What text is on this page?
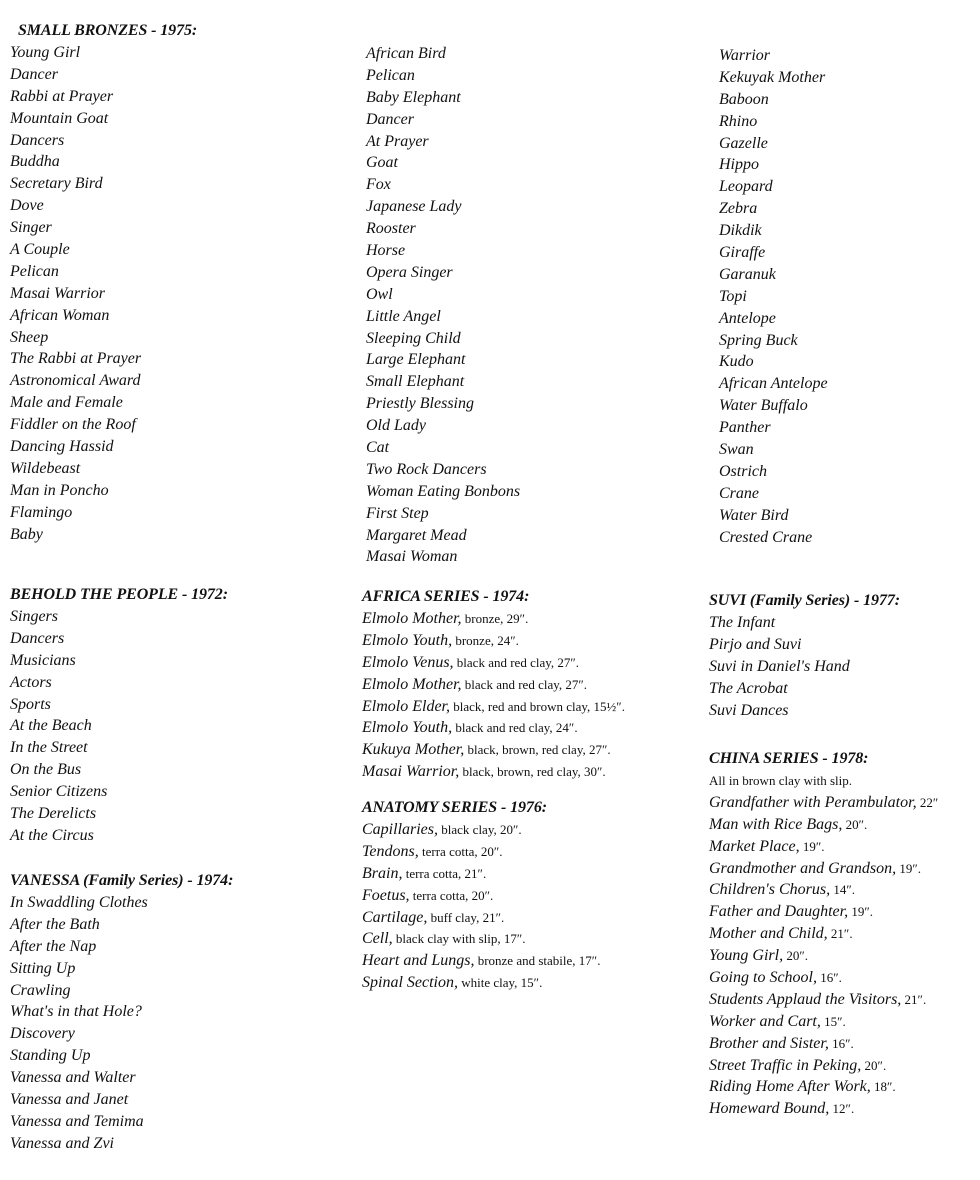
SMALL BRONZES - 1975:
Young Girl
Dancer
Rabbi at Prayer
Mountain Goat
Dancers
Buddha
Secretary Bird
Dove
Singer
A Couple
Pelican
Masai Warrior
African Woman
Sheep
The Rabbi at Prayer
Astronomical Award
Male and Female
Fiddler on the Roof
Dancing Hassid
Wildebeast
Man in Poncho
Flamingo
Baby
BEHOLD THE PEOPLE - 1972:
Singers
Dancers
Musicians
Actors
Sports
At the Beach
In the Street
On the Bus
Senior Citizens
The Derelicts
At the Circus
VANESSA (Family Series) - 1974:
In Swaddling Clothes
After the Bath
After the Nap
Sitting Up
Crawling
What's in that Hole?
Discovery
Standing Up
Vanessa and Walter
Vanessa and Janet
Vanessa and Temima
Vanessa and Zvi
African Bird
Pelican
Baby Elephant
Dancer
At Prayer
Goat
Fox
Japanese Lady
Rooster
Horse
Opera Singer
Owl
Little Angel
Sleeping Child
Large Elephant
Small Elephant
Priestly Blessing
Old Lady
Cat
Two Rock Dancers
Woman Eating Bonbons
First Step
Margaret Mead
Masai Woman
AFRICA SERIES - 1974:
Elmolo Mother, bronze, 29″.
Elmolo Youth, bronze, 24″.
Elmolo Venus, black and red clay, 27″.
Elmolo Mother, black and red clay, 27″.
Elmolo Elder, black, red and brown clay, 15½″.
Elmolo Youth, black and red clay, 24″.
Kukuya Mother, black, brown, red clay, 27″.
Masai Warrior, black, brown, red clay, 30″.
ANATOMY SERIES - 1976:
Capillaries, black clay, 20″.
Tendons, terra cotta, 20″.
Brain, terra cotta, 21″.
Foetus, terra cotta, 20″.
Cartilage, buff clay, 21″.
Cell, black clay with slip, 17″.
Heart and Lungs, bronze and stabile, 17″.
Spinal Section, white clay, 15″.
Warrior
Kekuyak Mother
Baboon
Rhino
Gazelle
Hippo
Leopard
Zebra
Dikdik
Giraffe
Garanuk
Topi
Antelope
Spring Buck
Kudo
African Antelope
Water Buffalo
Panther
Swan
Ostrich
Crane
Water Bird
Crested Crane
SUVI (Family Series) - 1977:
The Infant
Pirjo and Suvi
Suvi in Daniel's Hand
The Acrobat
Suvi Dances
CHINA SERIES - 1978:
All in brown clay with slip.
Grandfather with Perambulator, 22″
Man with Rice Bags, 20″.
Market Place, 19″.
Grandmother and Grandson, 19″.
Children's Chorus, 14″.
Father and Daughter, 19″.
Mother and Child, 21″.
Young Girl, 20″.
Going to School, 16″.
Students Applaud the Visitors, 21″.
Worker and Cart, 15″.
Brother and Sister, 16″.
Street Traffic in Peking, 20″.
Riding Home After Work, 18″.
Homeward Bound, 12″.
